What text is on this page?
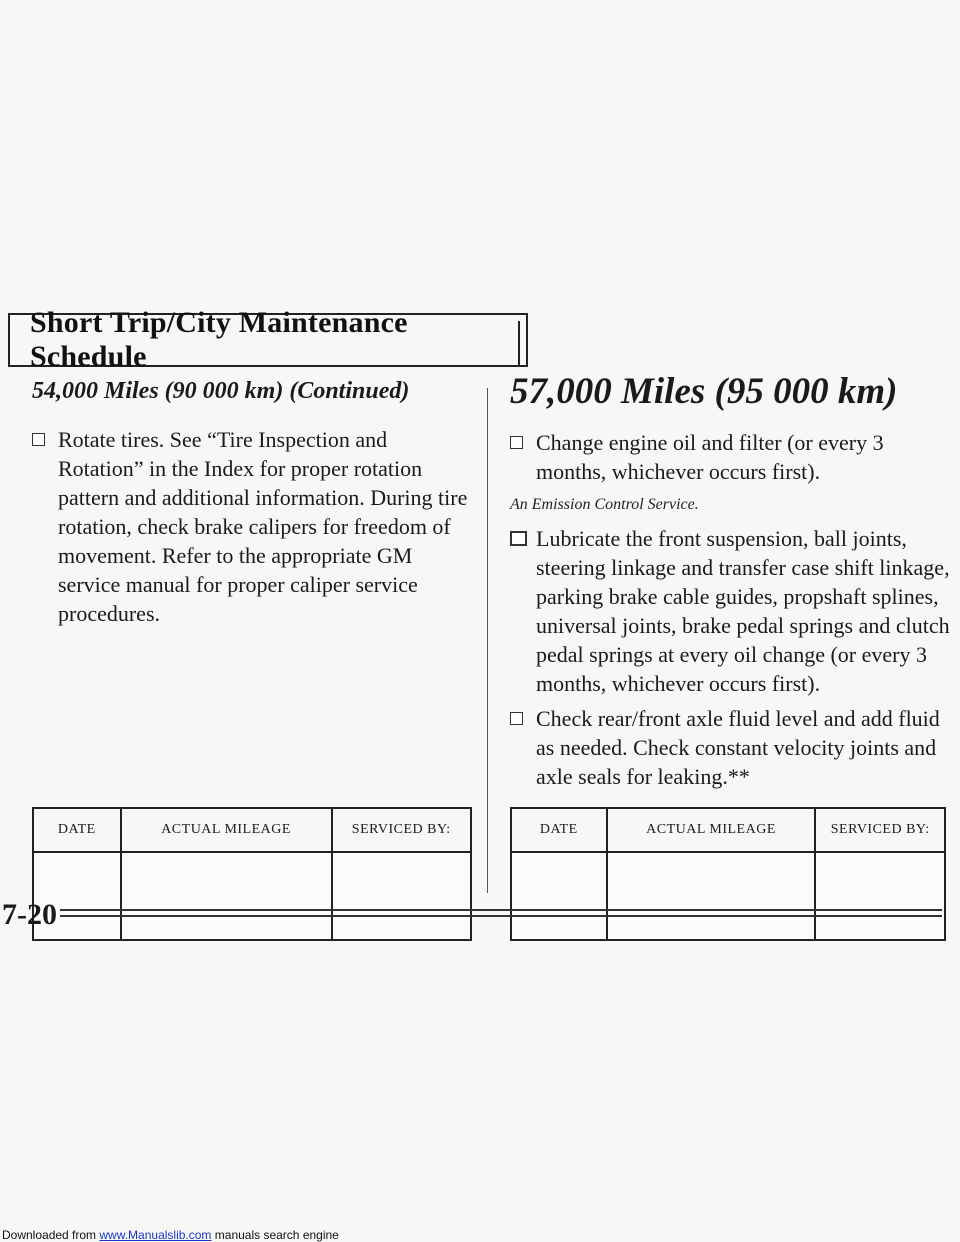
Short Trip/City Maintenance Schedule
54,000 Miles (90 000 km) (Continued)
Rotate tires. See “Tire Inspection and Rotation” in the Index for proper rotation pattern and additional information. During tire rotation, check brake calipers for freedom of movement. Refer to the appropriate GM service manual for proper caliper service procedures.
57,000 Miles (95 000 km)
Change engine oil and filter (or every 3 months, whichever occurs first).
An Emission Control Service.
Lubricate the front suspension, ball joints, steering linkage and transfer case shift linkage, parking brake cable guides, propshaft splines, universal joints, brake pedal springs and clutch pedal springs at every oil change (or every 3 months, whichever occurs first).
Check rear/front axle fluid level and add fluid as needed. Check constant velocity joints and axle seals for leaking.**
DATE	ACTUAL MILEAGE	SERVICED BY:
			DATE	ACTUAL MILEAGE	SERVICED BY:

7-20
Downloaded from www.Manualslib.com manuals search engine
